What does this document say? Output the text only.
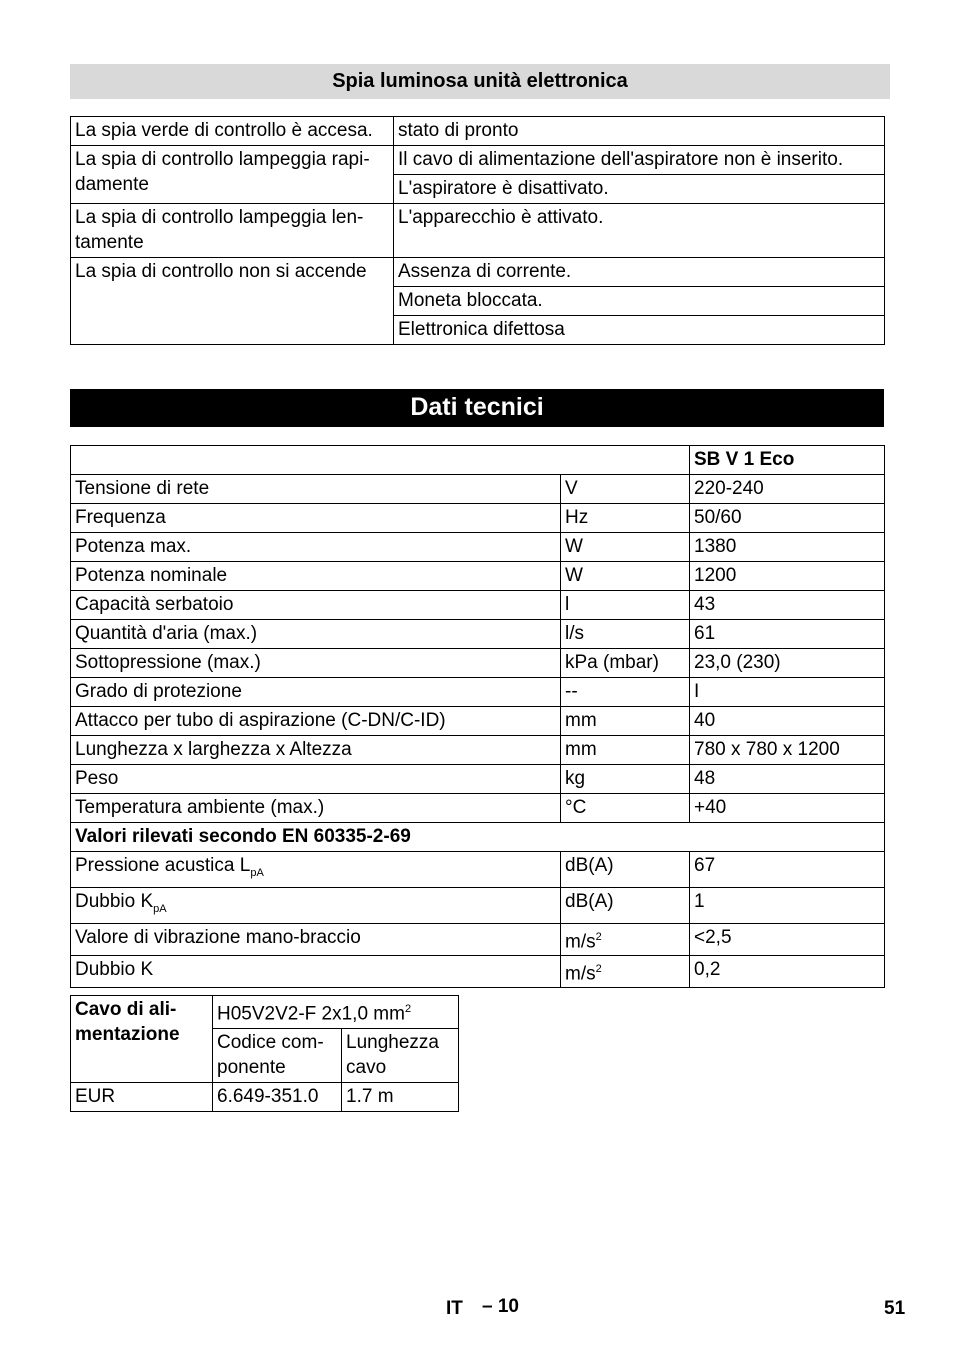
Spia luminosa unità elettronica
La spia verde di controllo è accesa.	stato di pronto
La spia di controllo lampeggia rapi-damente	Il cavo di alimentazione dell'aspiratore non è inserito.
	L'aspiratore è disattivato.
La spia di controllo lampeggia len-tamente	L'apparecchio è attivato.
La spia di controllo non si accende	Assenza di corrente.
	Moneta bloccata.
	Elettronica difettosa
Dati tecnici
		SB V 1 Eco
Tensione di rete	V	220-240
Frequenza	Hz	50/60
Potenza max.	W	1380
Potenza nominale	W	1200
Capacità serbatoio	l	43
Quantità d'aria (max.)	l/s	61
Sottopressione (max.)	kPa (mbar)	23,0 (230)
Grado di protezione	--	I
Attacco per tubo di aspirazione (C-DN/C-ID)	mm	40
Lunghezza x larghezza x Altezza	mm	780 x 780 x 1200
Peso	kg	48
Temperatura ambiente (max.)	°C	+40
Valori rilevati secondo EN 60335-2-69		
Pressione acustica $L_{pA}$	dB(A)	67
Dubbio $K_{pA}$	dB(A)	1
Valore di vibrazione mano-braccio	$m/s^2$	<2,5
Dubbio K	$m/s^2$	0,2
Cavo di ali-mentazione	H05V2V2-F 2x1,0 $mm^2$
	Codice com-ponente	Lunghezza cavo
EUR	6.649-351.0	1.7 m
IT – 10	51
